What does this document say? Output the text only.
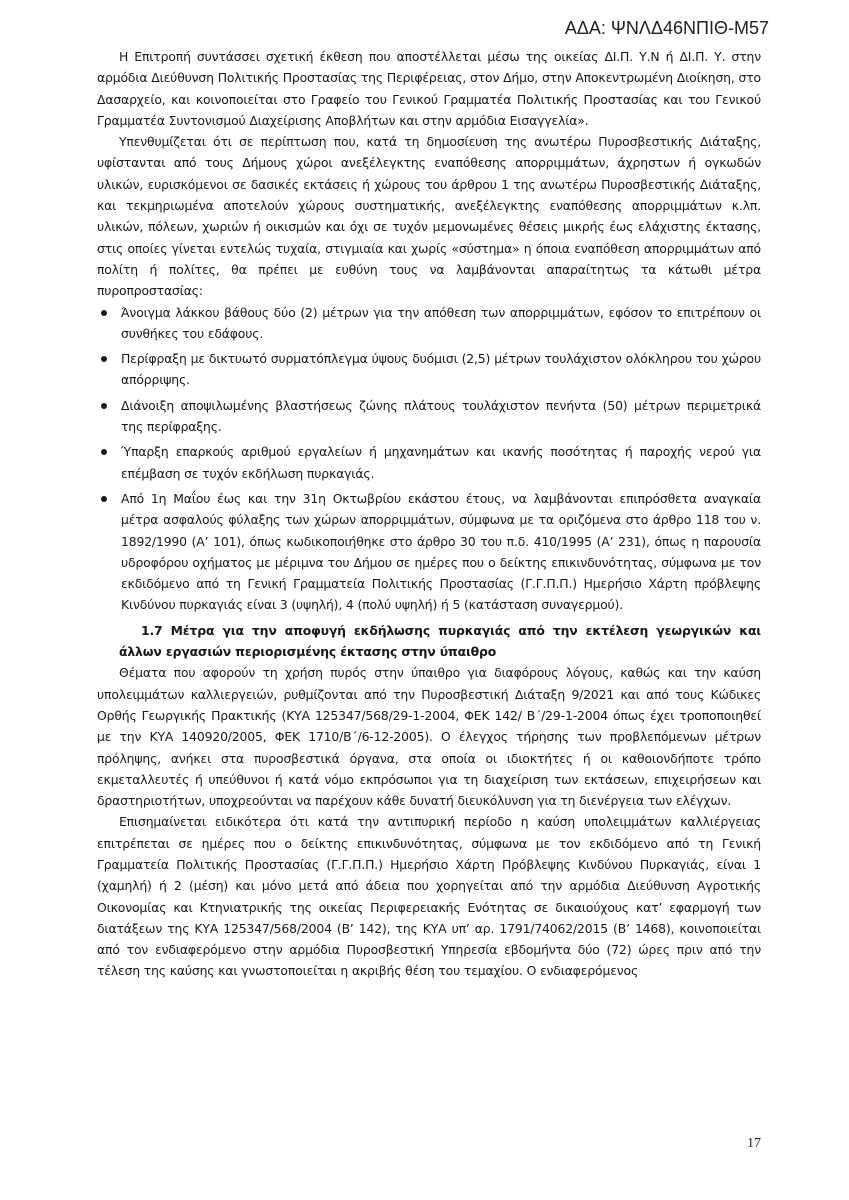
ΑΔΑ: ΨΝΛΔ46ΝΠΙΘ-Μ57

Η Επιτροπή συντάσσει σχετική έκθεση που αποστέλλεται μέσω της οικείας ΔΙ.Π. Υ.Ν ή ΔΙ.Π. Υ. στην αρμόδια Διεύθυνση Πολιτικής Προστασίας της Περιφέρειας, στον Δήμο, στην Αποκεντρωμένη Διοίκηση, στο Δασαρχείο, και κοινοποιείται στο Γραφείο του Γενικού Γραμματέα Πολιτικής Προστασίας και του Γενικού Γραμματέα Συντονισμού Διαχείρισης Αποβλήτων και στην αρμόδια Εισαγγελία».

Υπενθυμίζεται ότι σε περίπτωση που, κατά τη δημοσίευση της ανωτέρω Πυροσβεστικής Διάταξης, υφίστανται από τους Δήμους χώροι ανεξέλεγκτης εναπόθεσης απορριμμάτων, άχρηστων ή ογκωδών υλικών, ευρισκόμενοι σε δασικές εκτάσεις ή χώρους του άρθρου 1 της ανωτέρω Πυροσβεστικής Διάταξης, και τεκμηριωμένα αποτελούν χώρους συστηματικής, ανεξέλεγκτης εναπόθεσης απορριμμάτων κ.λπ. υλικών, πόλεων, χωριών ή οικισμών και όχι σε τυχόν μεμονωμένες θέσεις μικρής έως ελάχιστης έκτασης, στις οποίες γίνεται εντελώς τυχαία, στιγμιαία και χωρίς «σύστημα» η όποια εναπόθεση απορριμμάτων από πολίτη ή πολίτες, θα πρέπει με ευθύνη τους να λαμβάνονται απαραίτητως τα κάτωθι μέτρα πυροπροστασίας:

Άνοιγμα λάκκου βάθους δύο (2) μέτρων για την απόθεση των απορριμμάτων, εφόσον το επιτρέπουν οι συνθήκες του εδάφους.
Περίφραξη με δικτυωτό συρματόπλεγμα ύψους δυόμισι (2,5) μέτρων τουλάχιστον ολόκληρου του χώρου απόρριψης.
Διάνοιξη αποψιλωμένης βλαστήσεως ζώνης πλάτους τουλάχιστον πενήντα (50) μέτρων περιμετρικά της περίφραξης.
Ύπαρξη επαρκούς αριθμού εργαλείων ή μηχανημάτων και ικανής ποσότητας ή παροχής νερού για επέμβαση σε τυχόν εκδήλωση πυρκαγιάς.
Από 1η Μαΐου έως και την 31η Οκτωβρίου εκάστου έτους, να λαμβάνονται επιπρόσθετα αναγκαία μέτρα ασφαλούς φύλαξης των χώρων απορριμμάτων, σύμφωνα με τα οριζόμενα στο άρθρο 118 του ν. 1892/1990 (Α’ 101), όπως κωδικοποιήθηκε στο άρθρο 30 του π.δ. 410/1995 (Α’ 231), όπως η παρουσία υδροφόρου οχήματος με μέριμνα του Δήμου σε ημέρες που ο δείκτης επικινδυνότητας, σύμφωνα με τον εκδιδόμενο από τη Γενική Γραμματεία Πολιτικής Προστασίας (Γ.Γ.Π.Π.) Ημερήσιο Χάρτη πρόβλεψης Κινδύνου πυρκαγιάς είναι 3 (υψηλή), 4 (πολύ υψηλή) ή 5 (κατάσταση συναγερμού).

1.7 Μέτρα για την αποφυγή εκδήλωσης πυρκαγιάς από την εκτέλεση γεωργικών και άλλων εργασιών περιορισμένης έκτασης στην ύπαιθρο

Θέματα που αφορούν τη χρήση πυρός στην ύπαιθρο για διαφόρους λόγους, καθώς και την καύση υπολειμμάτων καλλιεργειών, ρυθμίζονται από την Πυροσβεστική Διάταξη 9/2021 και από τους Κώδικες Ορθής Γεωργικής Πρακτικής (ΚΥΑ 125347/568/29-1-2004, ΦΕΚ 142/ Β΄/29-1-2004 όπως έχει τροποποιηθεί με την ΚΥΑ 140920/2005, ΦΕΚ 1710/Β΄/6-12-2005). Ο έλεγχος τήρησης των προβλεπόμενων μέτρων πρόληψης, ανήκει στα πυροσβεστικά όργανα, στα οποία οι ιδιοκτήτες ή οι καθοιονδήποτε τρόπο εκμεταλλευτές ή υπεύθυνοι ή κατά νόμο εκπρόσωποι για τη διαχείριση των εκτάσεων, επιχειρήσεων και δραστηριοτήτων, υποχρεούνται να παρέχουν κάθε δυνατή διευκόλυνση για τη διενέργεια των ελέγχων.

Επισημαίνεται ειδικότερα ότι κατά την αντιπυρική περίοδο η καύση υπολειμμάτων καλλιέργειας επιτρέπεται σε ημέρες που ο δείκτης επικινδυνότητας, σύμφωνα με τον εκδιδόμενο από τη Γενική Γραμματεία Πολιτικής Προστασίας (Γ.Γ.Π.Π.) Ημερήσιο Χάρτη Πρόβλεψης Κινδύνου Πυρκαγιάς, είναι 1 (χαμηλή) ή 2 (μέση) και μόνο μετά από άδεια που χορηγείται από την αρμόδια Διεύθυνση Αγροτικής Οικονομίας και Κτηνιατρικής της οικείας Περιφερειακής Ενότητας σε δικαιούχους κατ’ εφαρμογή των διατάξεων της ΚΥΑ 125347/568/2004 (Β’ 142), της ΚΥΑ υπ’ αρ. 1791/74062/2015 (Β’ 1468), κοινοποιείται από τον ενδιαφερόμενο στην αρμόδια Πυροσβεστική Υπηρεσία εβδομήντα δύο (72) ώρες πριν από την τέλεση της καύσης και γνωστοποιείται η ακριβής θέση του τεμαχίου. Ο ενδιαφερόμενος

17
